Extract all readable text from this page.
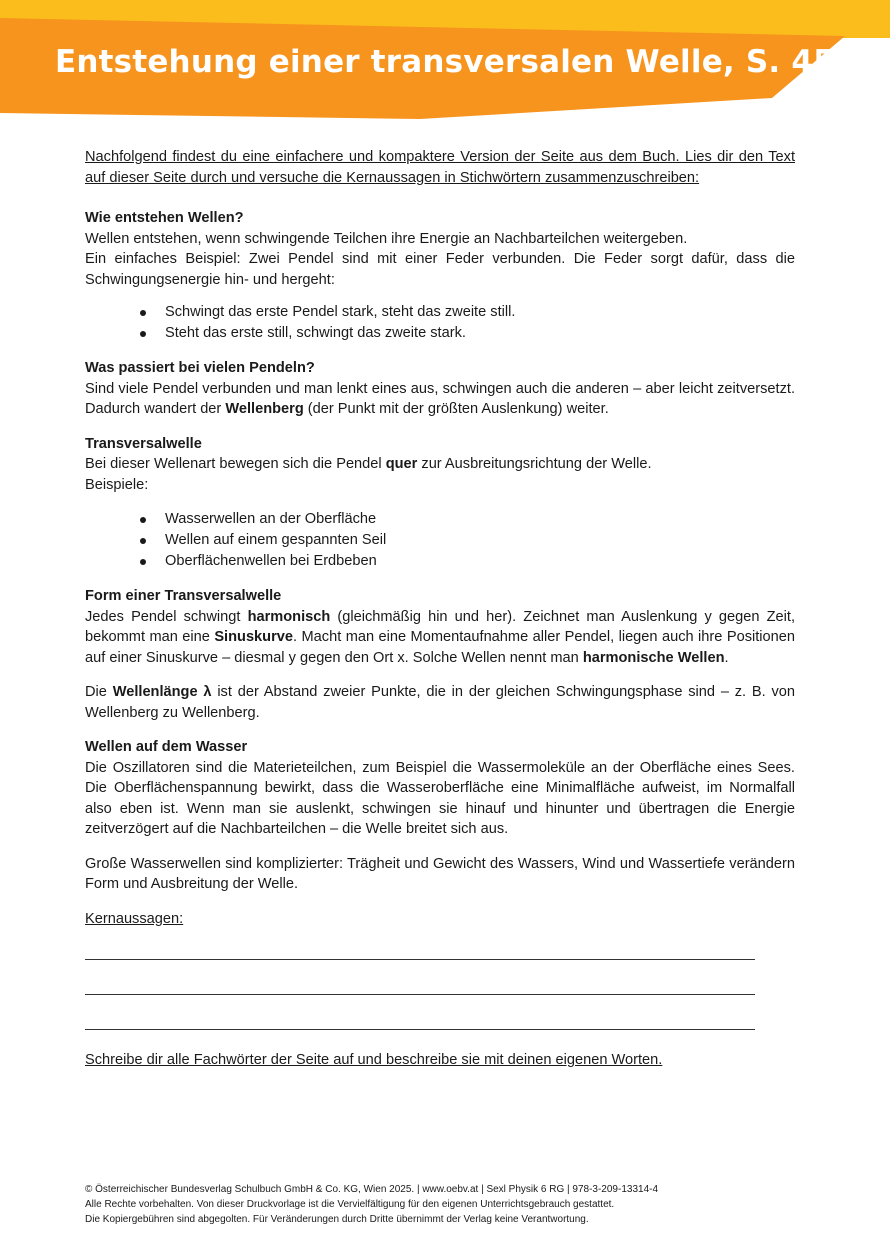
Entstehung einer transversalen Welle, S. 45

Nachfolgend findest du eine einfachere und kompaktere Version der Seite aus dem Buch. Lies dir den Text auf dieser Seite durch und versuche die Kernaussagen in Stichwörtern zusammenzuschreiben:

Wie entstehen Wellen?
Wellen entstehen, wenn schwingende Teilchen ihre Energie an Nachbarteilchen weitergeben.
Ein einfaches Beispiel: Zwei Pendel sind mit einer Feder verbunden. Die Feder sorgt dafür, dass die Schwingungsenergie hin- und hergeht:
Schwingt das erste Pendel stark, steht das zweite still.
Steht das erste still, schwingt das zweite stark.
Was passiert bei vielen Pendeln?
Sind viele Pendel verbunden und man lenkt eines aus, schwingen auch die anderen – aber leicht zeitversetzt. Dadurch wandert der Wellenberg (der Punkt mit der größten Auslenkung) weiter.
Transversalwelle
Bei dieser Wellenart bewegen sich die Pendel quer zur Ausbreitungsrichtung der Welle.
Beispiele:
Wasserwellen an der Oberfläche
Wellen auf einem gespannten Seil
Oberflächenwellen bei Erdbeben
Form einer Transversalwelle
Jedes Pendel schwingt harmonisch (gleichmäßig hin und her). Zeichnet man Auslenkung y gegen Zeit, bekommt man eine Sinuskurve. Macht man eine Momentaufnahme aller Pendel, liegen auch ihre Positionen auf einer Sinuskurve – diesmal y gegen den Ort x. Solche Wellen nennt man harmonische Wellen.
Die Wellenlänge λ ist der Abstand zweier Punkte, die in der gleichen Schwingungsphase sind – z. B. von Wellenberg zu Wellenberg.
Wellen auf dem Wasser
Die Oszillatoren sind die Materieteilchen, zum Beispiel die Wassermoleküle an der Oberfläche eines Sees. Die Oberflächenspannung bewirkt, dass die Wasseroberfläche eine Minimalfläche aufweist, im Normalfall also eben ist. Wenn man sie auslenkt, schwingen sie hinauf und hinunter und übertragen die Energie zeitverzögert auf die Nachbarteilchen – die Welle breitet sich aus.
Große Wasserwellen sind komplizierter: Trägheit und Gewicht des Wassers, Wind und Wassertiefe verändern Form und Ausbreitung der Welle.
Kernaussagen:
Schreibe dir alle Fachwörter der Seite auf und beschreibe sie mit deinen eigenen Worten.
© Österreichischer Bundesverlag Schulbuch GmbH & Co. KG, Wien 2025. | www.oebv.at | Sexl Physik 6 RG | 978-3-209-13314-4
Alle Rechte vorbehalten. Von dieser Druckvorlage ist die Vervielfältigung für den eigenen Unterrichtsgebrauch gestattet.
Die Kopiergebühren sind abgegolten. Für Veränderungen durch Dritte übernimmt der Verlag keine Verantwortung.
